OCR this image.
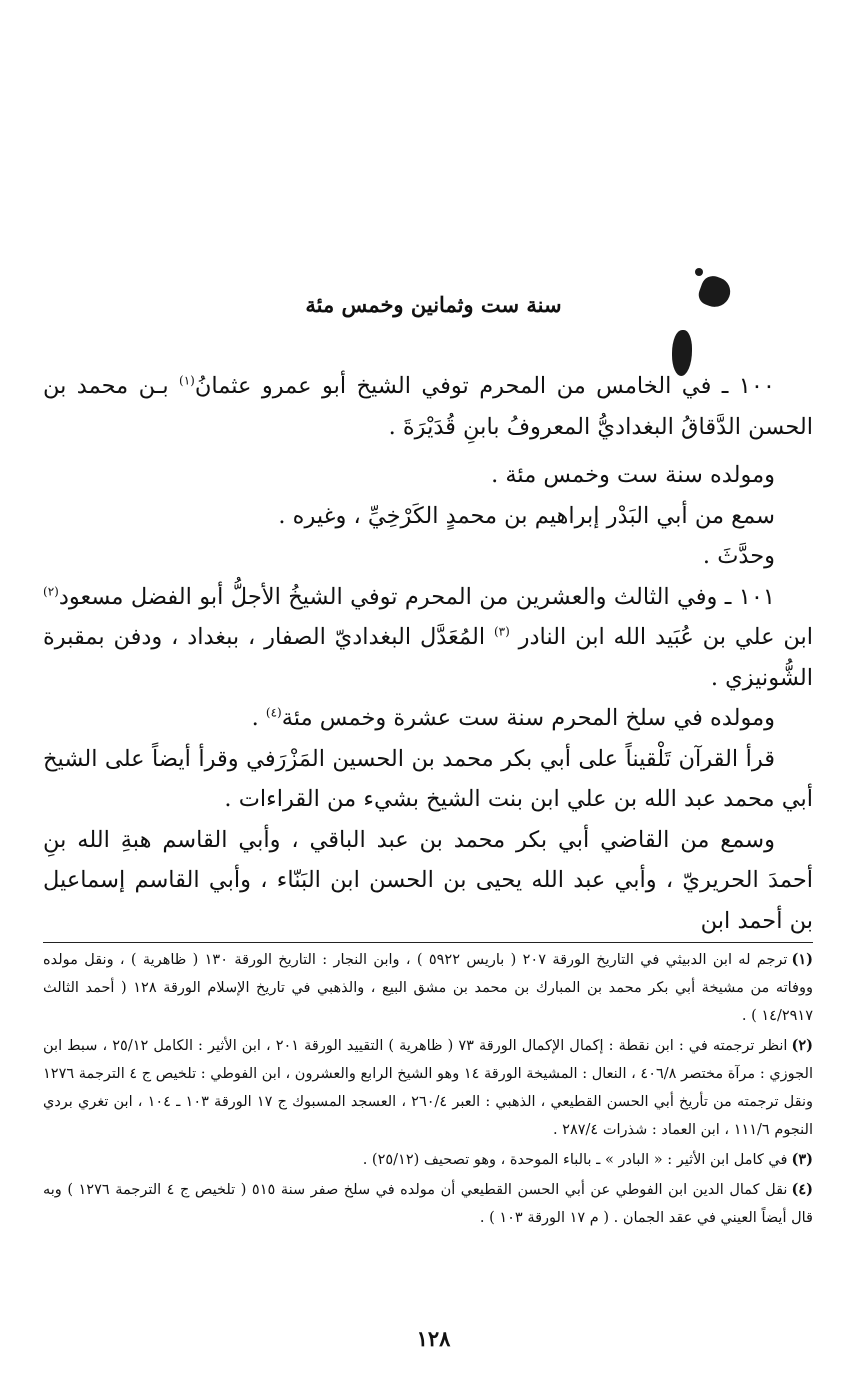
سنة ست وثمانين وخمس مئة

١٠٠ ـ في الخامس من المحرم توفي الشيخ أبو عمرو عثمانُ$^{(١)}$ بـن محمد بن الحسن الدَّقاقُ البغداديُّ المعروفُ بابنِ قُدَيْرَةَ .

ومولده سنة ست وخمس مئة .

سمع من أبي البَدْر إبراهيم بن محمدٍ الكَرْخِيِّ ، وغيره .

وحدَّثَ .

١٠١ ـ وفي الثالث والعشرين من المحرم توفي الشيخُ الأجلُّ أبو الفضل مسعود$^{(٢)}$ ابن علي بن عُبَيد الله ابن النادر $^{(٣)}$ المُعَدَّل البغداديّ الصفار ، ببغداد ، ودفن بمقبرة الشُّونيزي .

ومولده في سلخ المحرم سنة ست عشرة وخمس مئة$^{(٤)}$ .

قرأ القرآن تَلْقيناً على أبي بكر محمد بن الحسين المَزْرَفي وقرأ أيضاً على الشيخ أبي محمد عبد الله بن علي ابن بنت الشيخ بشيء من القراءات .

وسمع من القاضي أبي بكر محمد بن عبد الباقي ، وأبي القاسم هبةِ الله بنِ أحمدَ الحريريّ ، وأبي عبد الله يحيى بن الحسن ابن البَنّاء ، وأبي القاسم إسماعيل بن أحمد ابن

(١)ترجم له ابن الدبيثي في التاريخ الورقة ٢٠٧ ( باريس ٥٩٢٢ ) ، وابن النجار : التاريخ الورقة ١٣٠ ( ظاهرية ) ، ونقل مولده ووفاته من مشيخة أبي بكر محمد بن المبارك بن محمد بن مشق البيع ، والذهبي في تاريخ الإسلام الورقة ١٢٨ ( أحمد الثالث ١٤/٢٩١٧ ) .

(٢)انظر ترجمته في : ابن نقطة : إكمال الإكمال الورقة ٧٣ ( ظاهرية ) التقييد الورقة ٢٠١ ، ابن الأثير : الكامل ٢٥/١٢ ، سبط ابن الجوزي : مرآة مختصر ٤٠٦/٨ ، النعال : المشيخة الورقة ١٤ وهو الشيخ الرابع والعشرون ، ابن الفوطي : تلخيص ج ٤ الترجمة ١٢٧٦ ونقل ترجمته من تأريخ أبي الحسن القطيعي ، الذهبي : العبر ٢٦٠/٤ ، العسجد المسبوك ج ١٧ الورقة ١٠٣ ـ ١٠٤ ، ابن تغري بردي النجوم ١١١/٦ ، ابن العماد : شذرات ٢٨٧/٤ .

(٣)في كامل ابن الأثير : « البادر » ـ بالباء الموحدة ، وهو تصحيف (٢٥/١٢) .

(٤)نقل كمال الدين ابن الفوطي عن أبي الحسن القطيعي أن مولده في سلخ صفر سنة ٥١٥ ( تلخيص ج ٤ الترجمة ١٢٧٦ ) وبه قال أيضاً العيني في عقد الجمان . ( م ١٧ الورقة ١٠٣ ) .

١٢٨
